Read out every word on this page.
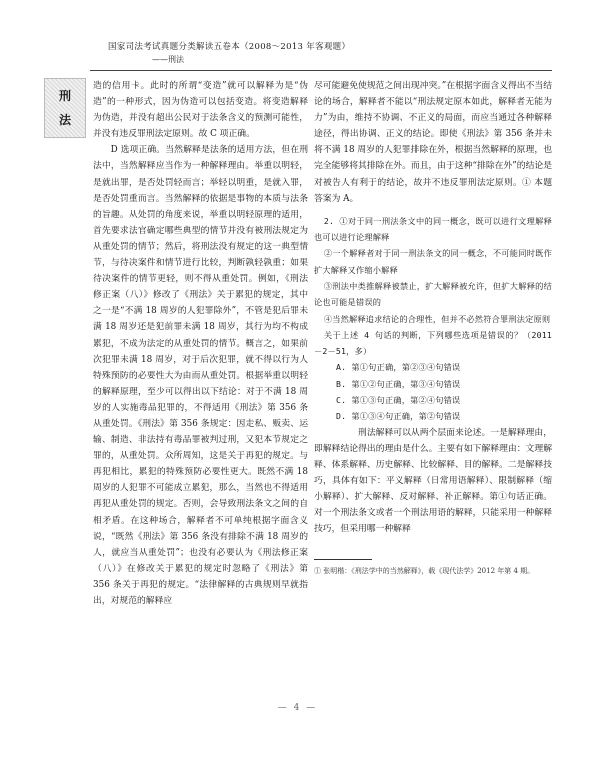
国家司法考试真题分类解读五卷本（2008～2013 年客观题）
——刑法
刑
法

造的信用卡。此时的所谓“变造”就可以解释为是“伪造”的一种形式，因为伪造可以包括变造。将变造解释为伪造，并没有超出公民对于法条含义的预测可能性，并没有违反罪刑法定原则。故 C 项正确。

D 选项正确。当然解释是法条的适用方法，但在刑法中，当然解释应当作为一种解释理由。举重以明轻，是就出罪，是否处罚轻而言；举轻以明重，是就入罪，是否处罚重而言。当然解释的依据是事物的本质与法条的旨趣。从处罚的角度来说，举重以明轻原理的适用，首先要求法官确定哪些典型的情节并没有被刑法规定为从重处罚的情节；然后，将刑法没有规定的这一典型情节，与待决案件和情节进行比较，判断孰轻孰重；如果待决案件的情节更轻，则不得从重处罚。例如，《刑法修正案（八）》修改了《刑法》关于累犯的规定，其中之一是“不满 18 周岁的人犯罪除外”，不管是犯后罪未满 18 周岁还是犯前罪未满 18 周岁，其行为均不构成累犯，不成为法定的从重处罚的情节。概言之，如果前次犯罪未满 18 周岁，对于后次犯罪，就不得以行为人特殊预防的必要性大为由而从重处罚。根据举重以明轻的解释原理，至少可以得出以下结论：对于不满 18 周岁的人实施毒品犯罪的，不得适用《刑法》第 356 条从重处罚。《刑法》第 356 条规定：因走私、贩卖、运输、制造、非法持有毒品罪被判过刑，又犯本节规定之罪的，从重处罚。众所周知，这是关于再犯的规定。与再犯相比，累犯的特殊预防必要性更大。既然不满 18 周岁的人犯罪不可能成立累犯，那么，当然也不得适用再犯从重处罚的规定。否则，会导致刑法条文之间的自相矛盾。在这种场合，解释者不可单纯根据字面含义说，“既然《刑法》第 356 条没有排除不满 18 周岁的人，就应当从重处罚”；也没有必要认为《刑法修正案（八）》在修改关于累犯的规定时忽略了《刑法》第 356 条关于再犯的规定。“法律解释的古典规则早就指出，对规范的解释应

尽可能避免使规范之间出现冲突。”在根据字面含义得出不当结论的场合，解释者不能以“刑法规定原本如此，解释者无能为力”为由，维持不协调、不正义的局面，而应当通过各种解释途径，得出协调、正义的结论。即使《刑法》第 356 条并未将不满 18 周岁的人犯罪排除在外，根据当然解释的原理，也完全能够将其排除在外。而且，由于这种“排除在外”的结论是对被告人有利于的结论，故并不违反罪刑法定原则。① 本题答案为 A。

2. ①对于同一刑法条文中的同一概念，既可以进行文理解释也可以进行论理解释

②一个解释者对于同一刑法条文的同一概念，不可能同时既作扩大解释又作缩小解释

③刑法中类推解释被禁止，扩大解释被允许，但扩大解释的结论也可能是错误的

④当然解释追求结论的合理性，但并不必然符合罪刑法定原则

关于上述 4 句话的判断，下列哪些选项是错误的？（2011－2－51，多）

A. 第①句正确，第②③④句错误

B. 第①②句正确，第③④句错误

C. 第①③句正确，第②④句错误

D. 第①③④句正确，第②句错误

刑法解释可以从两个层面来论述。一是解释理由，即解释结论得出的理由是什么。主要有如下解释理由：文理解释、体系解释、历史解释、比较解释、目的解释。二是解释技巧，具体有如下：平义解释（日常用语解释）、限制解释（缩小解释）、扩大解释、反对解释、补正解释。第①句话正确。对一个刑法条文或者一个刑法用语的解释，只能采用一种解释技巧，但采用哪一种解释

① 张明楷：《刑法学中的当然解释》，载《现代法学》2012 年第 4 期。

— 4 —
